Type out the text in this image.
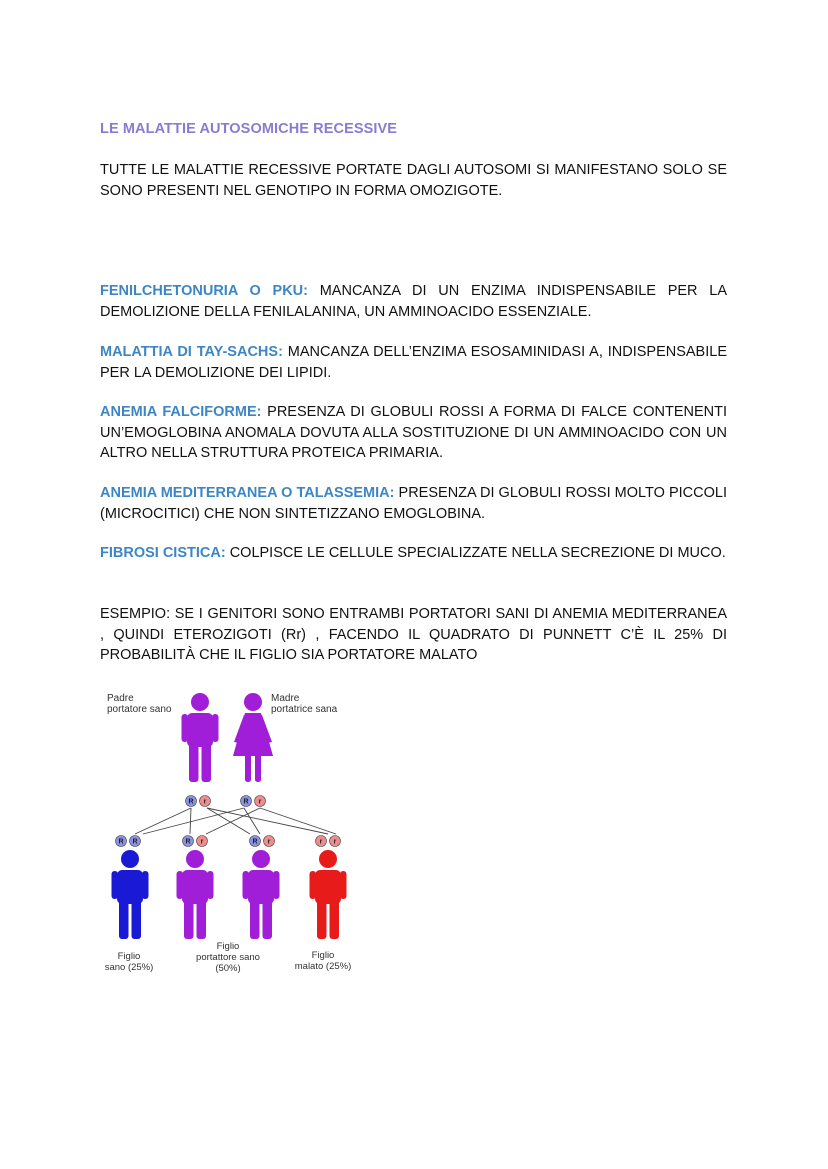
LE MALATTIE AUTOSOMICHE RECESSIVE

TUTTE LE MALATTIE RECESSIVE PORTATE DAGLI AUTOSOMI SI MANIFESTANO SOLO SE SONO PRESENTI NEL GENOTIPO IN FORMA OMOZIGOTE.

FENILCHETONURIA O PKU: MANCANZA DI UN ENZIMA INDISPENSABILE PER LA DEMOLIZIONE DELLA FENILALANINA, UN AMMINOACIDO ESSENZIALE.

MALATTIA DI TAY-SACHS: MANCANZA DELL’ENZIMA ESOSAMINIDASI A, INDISPENSABILE PER LA DEMOLIZIONE DEI LIPIDI.

ANEMIA FALCIFORME: PRESENZA DI GLOBULI ROSSI A FORMA DI FALCE CONTENENTI UN’EMOGLOBINA ANOMALA DOVUTA ALLA SOSTITUZIONE DI UN AMMINOACIDO CON UN ALTRO NELLA STRUTTURA PROTEICA PRIMARIA.

ANEMIA MEDITERRANEA O TALASSEMIA: PRESENZA DI GLOBULI ROSSI MOLTO PICCOLI (MICROCITICI) CHE NON SINTETIZZANO EMOGLOBINA.

FIBROSI CISTICA: COLPISCE LE CELLULE SPECIALIZZATE NELLA SECREZIONE DI MUCO.

ESEMPIO: SE I GENITORI SONO ENTRAMBI PORTATORI SANI DI ANEMIA MEDITERRANEA , QUINDI ETEROZIGOTI (Rr) , FACENDO IL QUADRATO DI PUNNETT C’È IL 25% DI PROBABILITÀ CHE IL FIGLIO SIA PORTATORE MALATO

Padre portatore sano
Madre portatrice sana
R r	R r
R R	R r	R r	r r
Figlio sano (25%)
Figlio portattore sano (50%)
Figlio malato (25%)
